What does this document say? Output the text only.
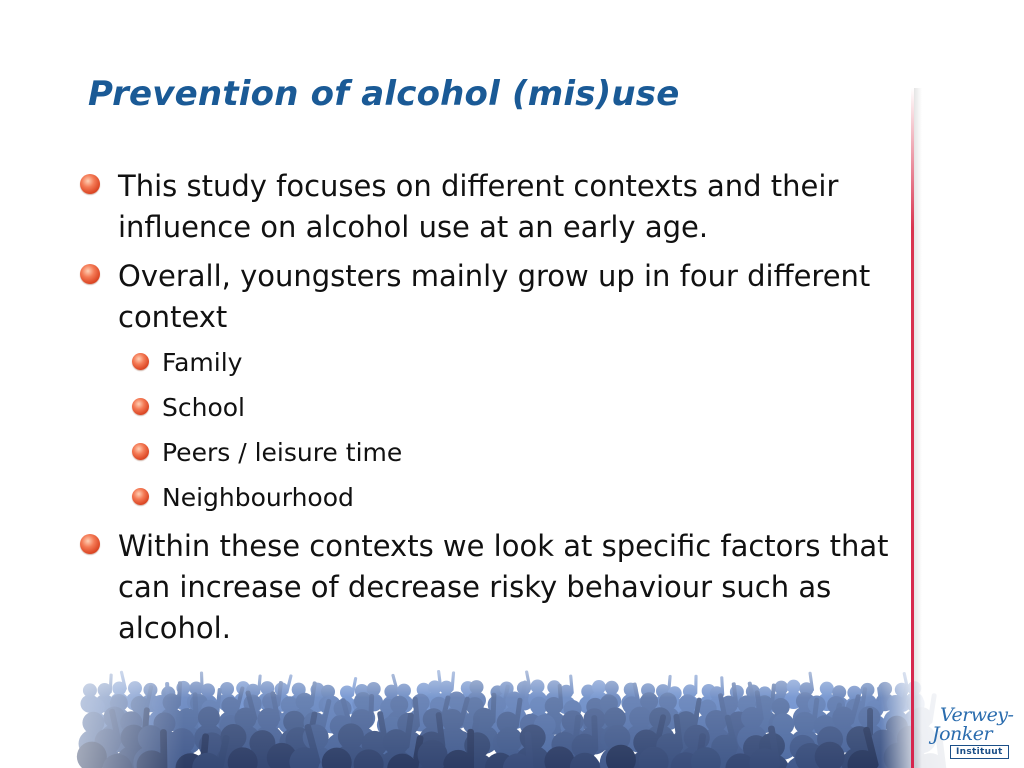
Prevention of alcohol (mis)use
This study focuses on different contexts and their influence on alcohol use at an early age.
Overall, youngsters mainly grow up in four different context
Family
School
Peers / leisure time
Neighbourhood
Within these contexts we look at specific factors that can increase of decrease risky behaviour such as alcohol.
Verwey-
Jonker
Instituut
